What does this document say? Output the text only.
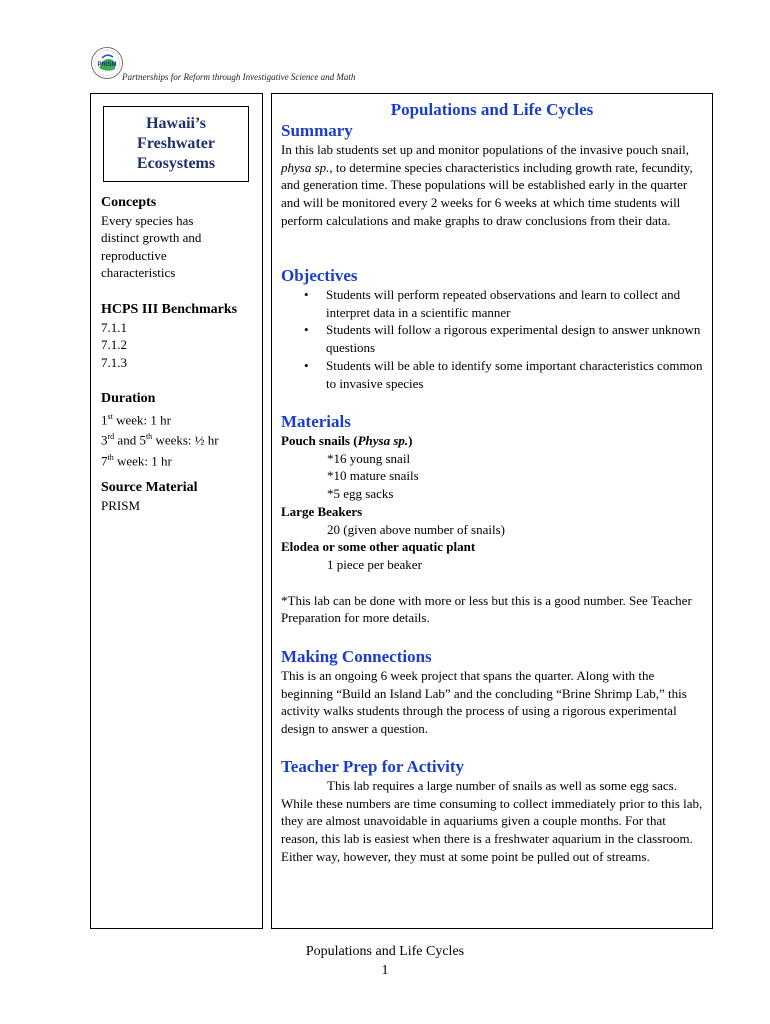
PRISM
Partnerships for Reform through Investigative Science and Math
Hawaii’s
Freshwater
Ecosystems

Concepts

Every species has

distinct growth and

reproductive

characteristics

HCPS III Benchmarks

7.1.1

7.1.2

7.1.3

Duration

1st week: 1 hr

3rd and 5th weeks: ½ hr

7th week: 1 hr

Source Material

PRISM

Populations and Life Cycles

Summary

In this lab students set up and monitor populations of the invasive pouch snail, physa sp., to determine species characteristics including growth rate, fecundity, and generation time. These populations will be established early in the quarter and will be monitored every 2 weeks for 6 weeks at which time students will perform calculations and make graphs to draw conclusions from their data.

Objectives

• Students will perform repeated observations and learn to collect and interpret data in a scientific manner
• Students will follow a rigorous experimental design to answer unknown questions
• Students will be able to identify some important characteristics common to invasive species

Materials

Pouch snails (Physa sp.)

*16 young snail

*10 mature snails

*5 egg sacks

Large Beakers

20 (given above number of snails)

Elodea or some other aquatic plant

1 piece per beaker

*This lab can be done with more or less but this is a good number. See Teacher Preparation for more details.

Making Connections

This is an ongoing 6 week project that spans the quarter. Along with the beginning “Build an Island Lab” and the concluding “Brine Shrimp Lab,” this activity walks students through the process of using a rigorous experimental design to answer a question.

Teacher Prep for Activity

This lab requires a large number of snails as well as some egg sacs. While these numbers are time consuming to collect immediately prior to this lab, they are almost unavoidable in aquariums given a couple months. For that reason, this lab is easiest when there is a freshwater aquarium in the classroom. Either way, however, they must at some point be pulled out of streams.

Populations and Life Cycles
1
